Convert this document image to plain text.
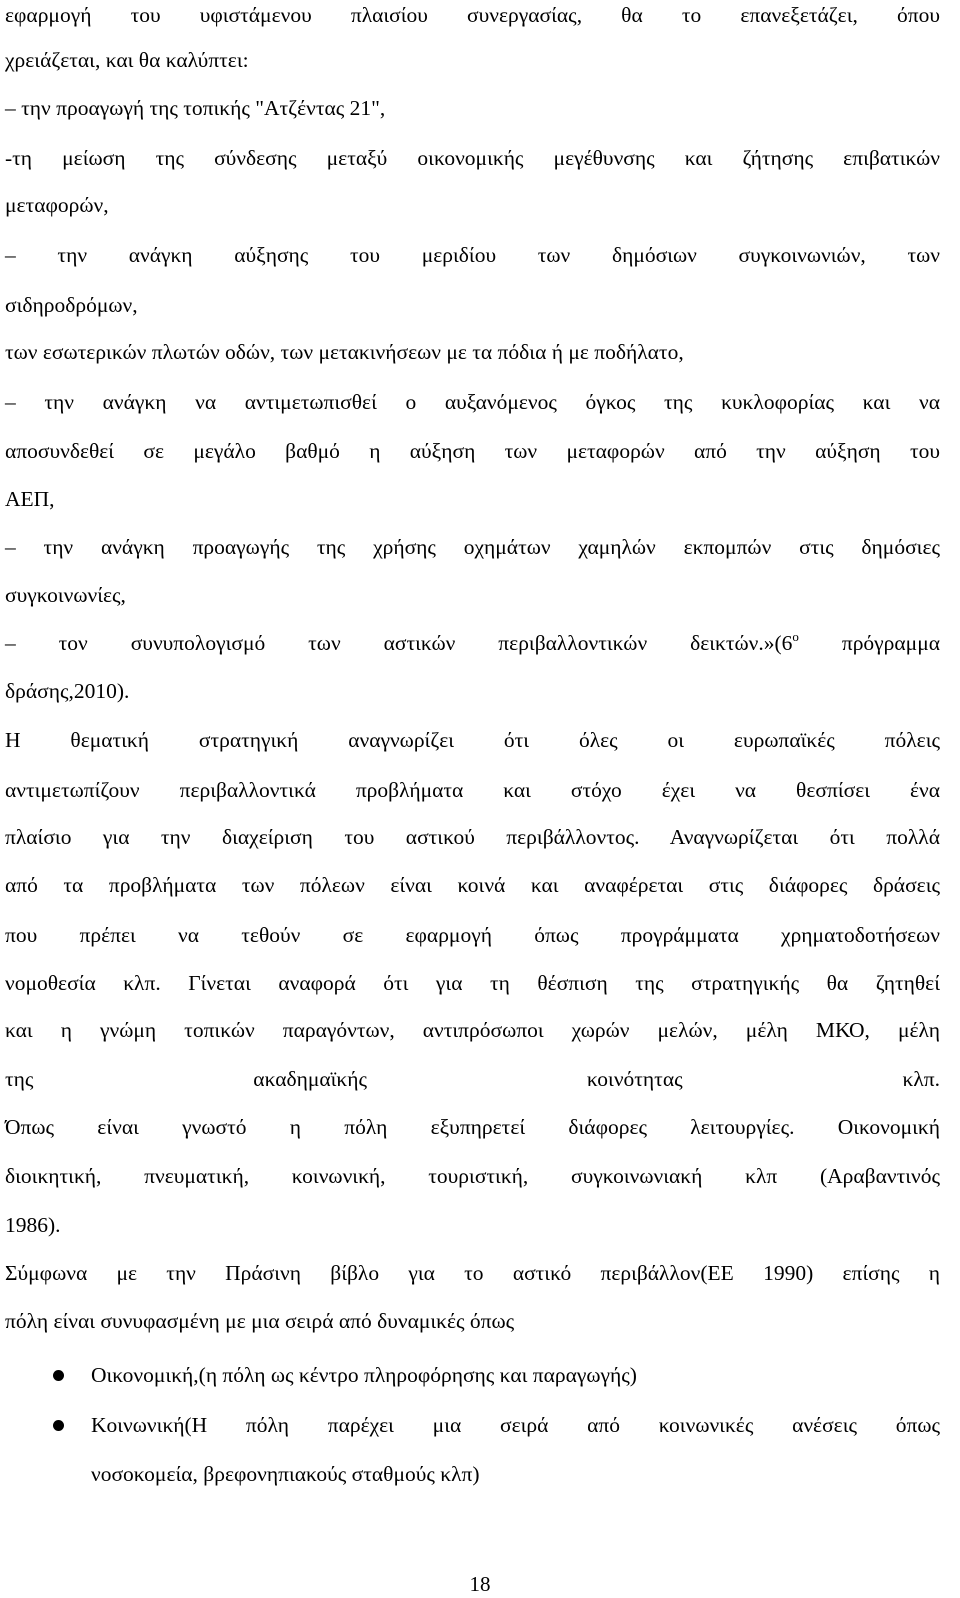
εφαρμογή του υφιστάμενου πλαισίου συνεργασίας, θα το επανεξετάζει, όπου
χρειάζεται, και θα καλύπτει:
– την προαγωγή της τοπικής "Ατζέντας 21",
-τη μείωση της σύνδεσης μεταξύ οικονομικής μεγέθυνσης και ζήτησης επιβατικών
μεταφορών,
– την ανάγκη αύξησης του μεριδίου των δημόσιων συγκοινωνιών, των
σιδηροδρόμων,
των εσωτερικών πλωτών οδών, των μετακινήσεων με τα πόδια ή με ποδήλατο,
– την ανάγκη να αντιμετωπισθεί ο αυξανόμενος όγκος της κυκλοφορίας και να
αποσυνδεθεί σε μεγάλο βαθμό η αύξηση των μεταφορών από την αύξηση του
ΑΕΠ,
– την ανάγκη προαγωγής της χρήσης οχημάτων χαμηλών εκπομπών στις δημόσιες
συγκοινωνίες,
– τον συνυπολογισμό των αστικών περιβαλλοντικών $\delta\varepsilon\iota\kappa\tau ώ\nu.»(6^o$ πρόγραμμα
δράσης,2010).
Η θεματική στρατηγική αναγνωρίζει ότι όλες οι ευρωπαϊκές πόλεις
αντιμετωπίζουν περιβαλλοντικά προβλήματα και στόχο έχει να θεσπίσει ένα
πλαίσιο για την διαχείριση του αστικού περιβάλλοντος. Αναγνωρίζεται ότι πολλά
από τα προβλήματα των πόλεων είναι κοινά και αναφέρεται στις διάφορες δράσεις
που πρέπει να τεθούν σε εφαρμογή όπως προγράμματα χρηματοδοτήσεων
νομοθεσία κλπ. Γίνεται αναφορά ότι για τη θέσπιση της στρατηγικής θα ζητηθεί
και η γνώμη τοπικών παραγόντων, αντιπρόσωποι χωρών μελών, μέλη ΜΚΟ, μέλη
της ακαδημαϊκής κοινότητας κλπ.
Όπως είναι γνωστό η πόλη εξυπηρετεί διάφορες λειτουργίες. Οικονομική
διοικητική, πνευματική, κοινωνική, τουριστική, συγκοινωνιακή κλπ (Αραβαντινός
1986).
Σύμφωνα με την Πράσινη βίβλο για το αστικό περιβάλλον(ΕΕ 1990) επίσης η
πόλη είναι συνυφασμένη με μια σειρά από δυναμικές όπως
Οικονομική,(η πόλη ως κέντρο πληροφόρησης και παραγωγής)
Κοινωνική(Η πόλη παρέχει μια σειρά από κοινωνικές ανέσεις όπως
νοσοκομεία, βρεφονηπιακούς σταθμούς κλπ)
18
